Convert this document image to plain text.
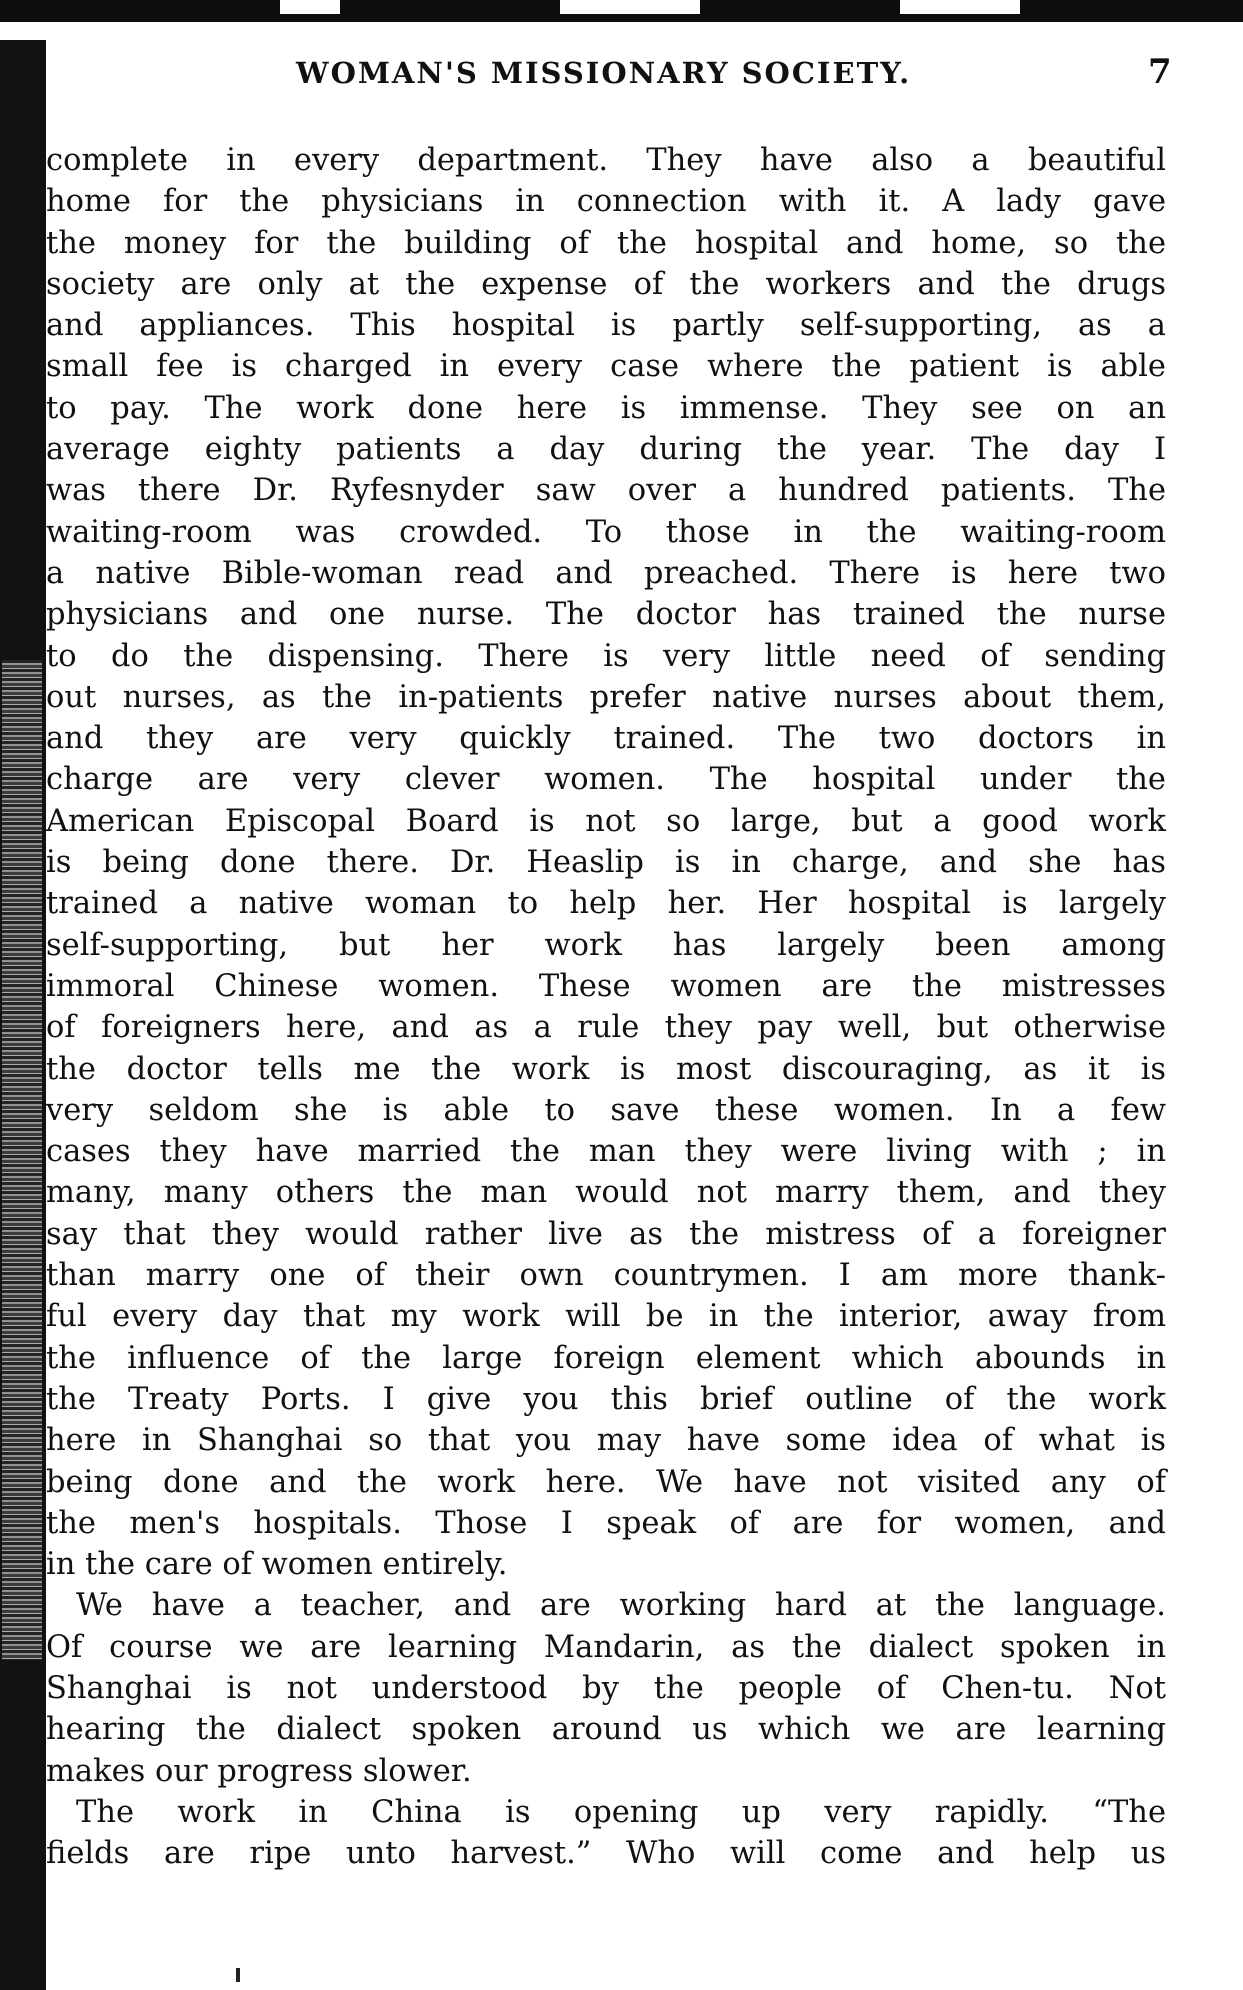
WOMAN'S MISSIONARY SOCIETY.	7
complete in every department. They have also a beautiful
home for the physicians in connection with it. A lady gave
the money for the building of the hospital and home, so the
society are only at the expense of the workers and the drugs
and appliances. This hospital is partly self-supporting, as a
small fee is charged in every case where the patient is able
to pay. The work done here is immense. They see on an
average eighty patients a day during the year. The day I
was there Dr. Ryfesnyder saw over a hundred patients. The
waiting-room was crowded. To those in the waiting-room
a native Bible-woman read and preached. There is here two
physicians and one nurse. The doctor has trained the nurse
to do the dispensing. There is very little need of sending
out nurses, as the in-patients prefer native nurses about them,
and they are very quickly trained. The two doctors in
charge are very clever women. The hospital under the
American Episcopal Board is not so large, but a good work
is being done there. Dr. Heaslip is in charge, and she has
trained a native woman to help her. Her hospital is largely
self-supporting, but her work has largely been among
immoral Chinese women. These women are the mistresses
of foreigners here, and as a rule they pay well, but otherwise
the doctor tells me the work is most discouraging, as it is
very seldom she is able to save these women. In a few
cases they have married the man they were living with ; in
many, many others the man would not marry them, and they
say that they would rather live as the mistress of a foreigner
than marry one of their own countrymen. I am more thank-
ful every day that my work will be in the interior, away from
the influence of the large foreign element which abounds in
the Treaty Ports. I give you this brief outline of the work
here in Shanghai so that you may have some idea of what is
being done and the work here. We have not visited any of
the men's hospitals. Those I speak of are for women, and
in the care of women entirely.
We have a teacher, and are working hard at the language.
Of course we are learning Mandarin, as the dialect spoken in
Shanghai is not understood by the people of Chen-tu. Not
hearing the dialect spoken around us which we are learning
makes our progress slower.
The work in China is opening up very rapidly. “The
fields are ripe unto harvest.” Who will come and help us
